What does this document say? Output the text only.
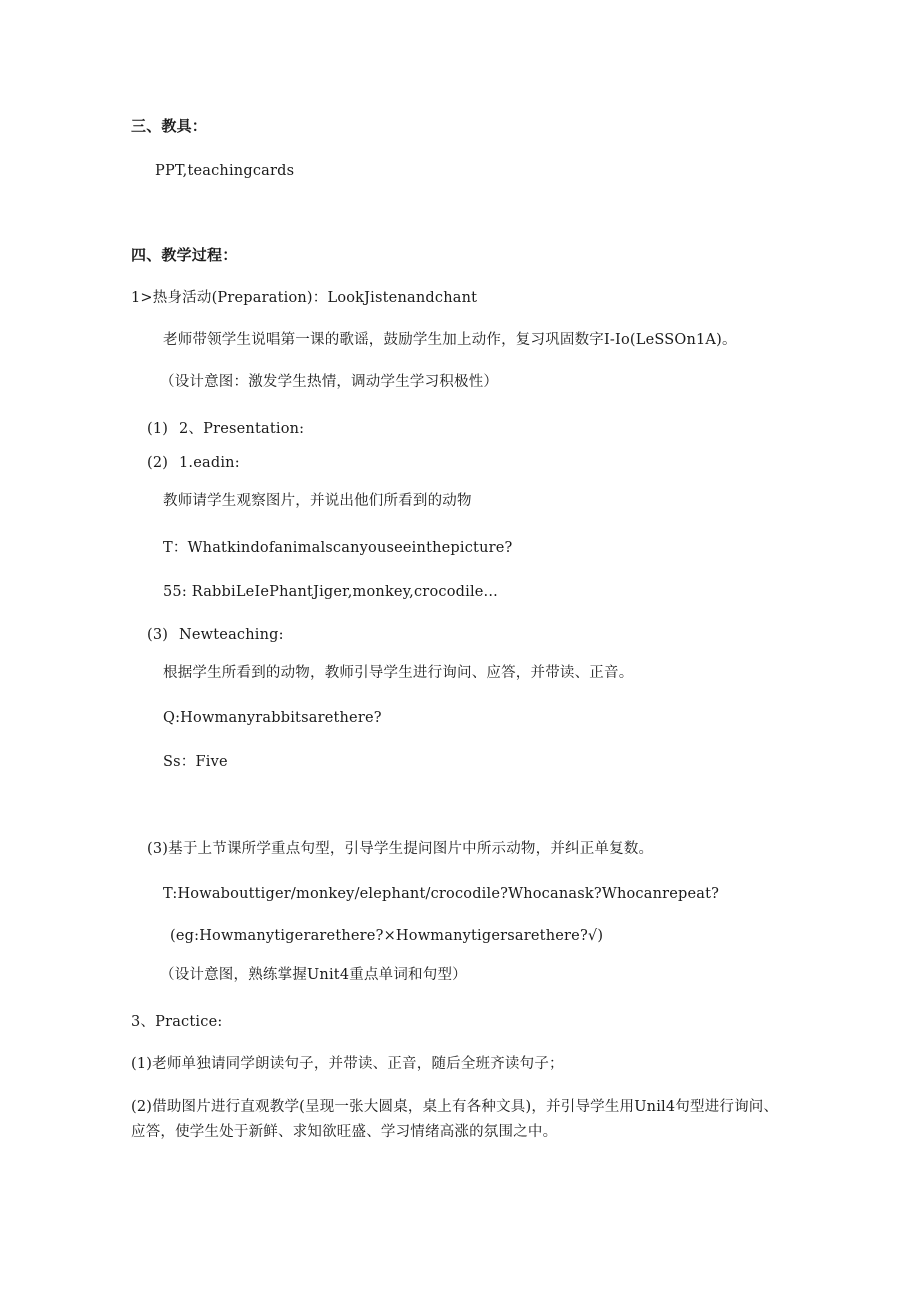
三、教具：
PPT,teachingcards
四、教学过程：
1>热身活动(Preparation)：LookJistenandchant
老师带领学生说唱第一课的歌谣，鼓励学生加上动作，复习巩固数字I-Io(LeSSOn1A)。
（设计意图：激发学生热情，调动学生学习积极性）
(1) 2、Presentation:
(2) 1.eadin:
教师请学生观察图片，并说出他们所看到的动物
T：Whatkindofanimalscanyouseeinthepicture?
55: RabbiLeIePhantJiger,monkey,crocodile...
(3) Newteaching:
根据学生所看到的动物，教师引导学生进行询问、应答，并带读、正音。
Q:Howmanyrabbitsarethere?
Ss：Five
(3)基于上节课所学重点句型，引导学生提问图片中所示动物，并纠正单复数。
T:Howabouttiger/monkey/elephant/crocodile?Whocanask?Whocanrepeat?
(eg:Howmanytigerarethere?×Howmanytigersarethere?√)
（设计意图，熟练掌握Unit4重点单词和句型）
3、Practice:
(1)老师单独请同学朗读句子，并带读、正音，随后全班齐读句子；
(2)借助图片进行直观教学(呈现一张大圆桌，桌上有各种文具)，并引导学生用Unil4句型进行询问、应答，使学生处于新鲜、求知欲旺盛、学习情绪高涨的氛围之中。
